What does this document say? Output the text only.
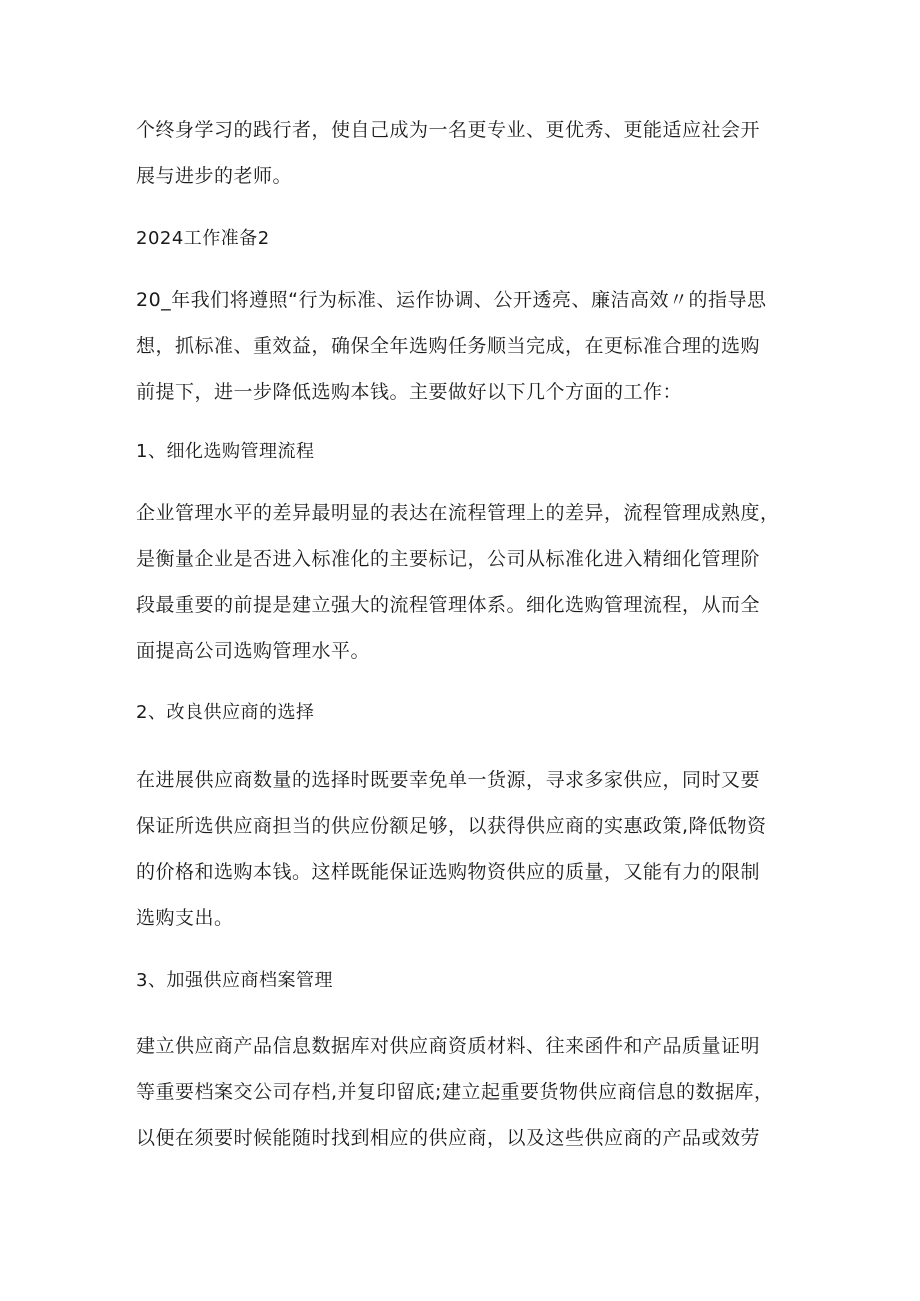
个终身学习的践行者，使自己成为一名更专业、更优秀、更能适应社会开
展与进步的老师。
2024工作准备2
20_年我们将遵照“行为标准、运作协调、公开透亮、廉洁高效〃的指导思
想，抓标准、重效益，确保全年选购任务顺当完成，在更标准合理的选购
前提下，进一步降低选购本钱。主要做好以下几个方面的工作：
1、细化选购管理流程
企业管理水平的差异最明显的表达在流程管理上的差异，流程管理成熟度，
是衡量企业是否进入标准化的主要标记，公司从标准化进入精细化管理阶
段最重要的前提是建立强大的流程管理体系。细化选购管理流程，从而全
面提高公司选购管理水平。
2、改良供应商的选择
在进展供应商数量的选择时既要幸免单一货源，寻求多家供应，同时又要
保证所选供应商担当的供应份额足够，以获得供应商的实惠政策,降低物资
的价格和选购本钱。这样既能保证选购物资供应的质量，又能有力的限制
选购支出。
3、加强供应商档案管理
建立供应商产品信息数据库对供应商资质材料、往来函件和产品质量证明
等重要档案交公司存档,并复印留底;建立起重要货物供应商信息的数据库，
以便在须要时候能随时找到相应的供应商，以及这些供应商的产品或效劳
